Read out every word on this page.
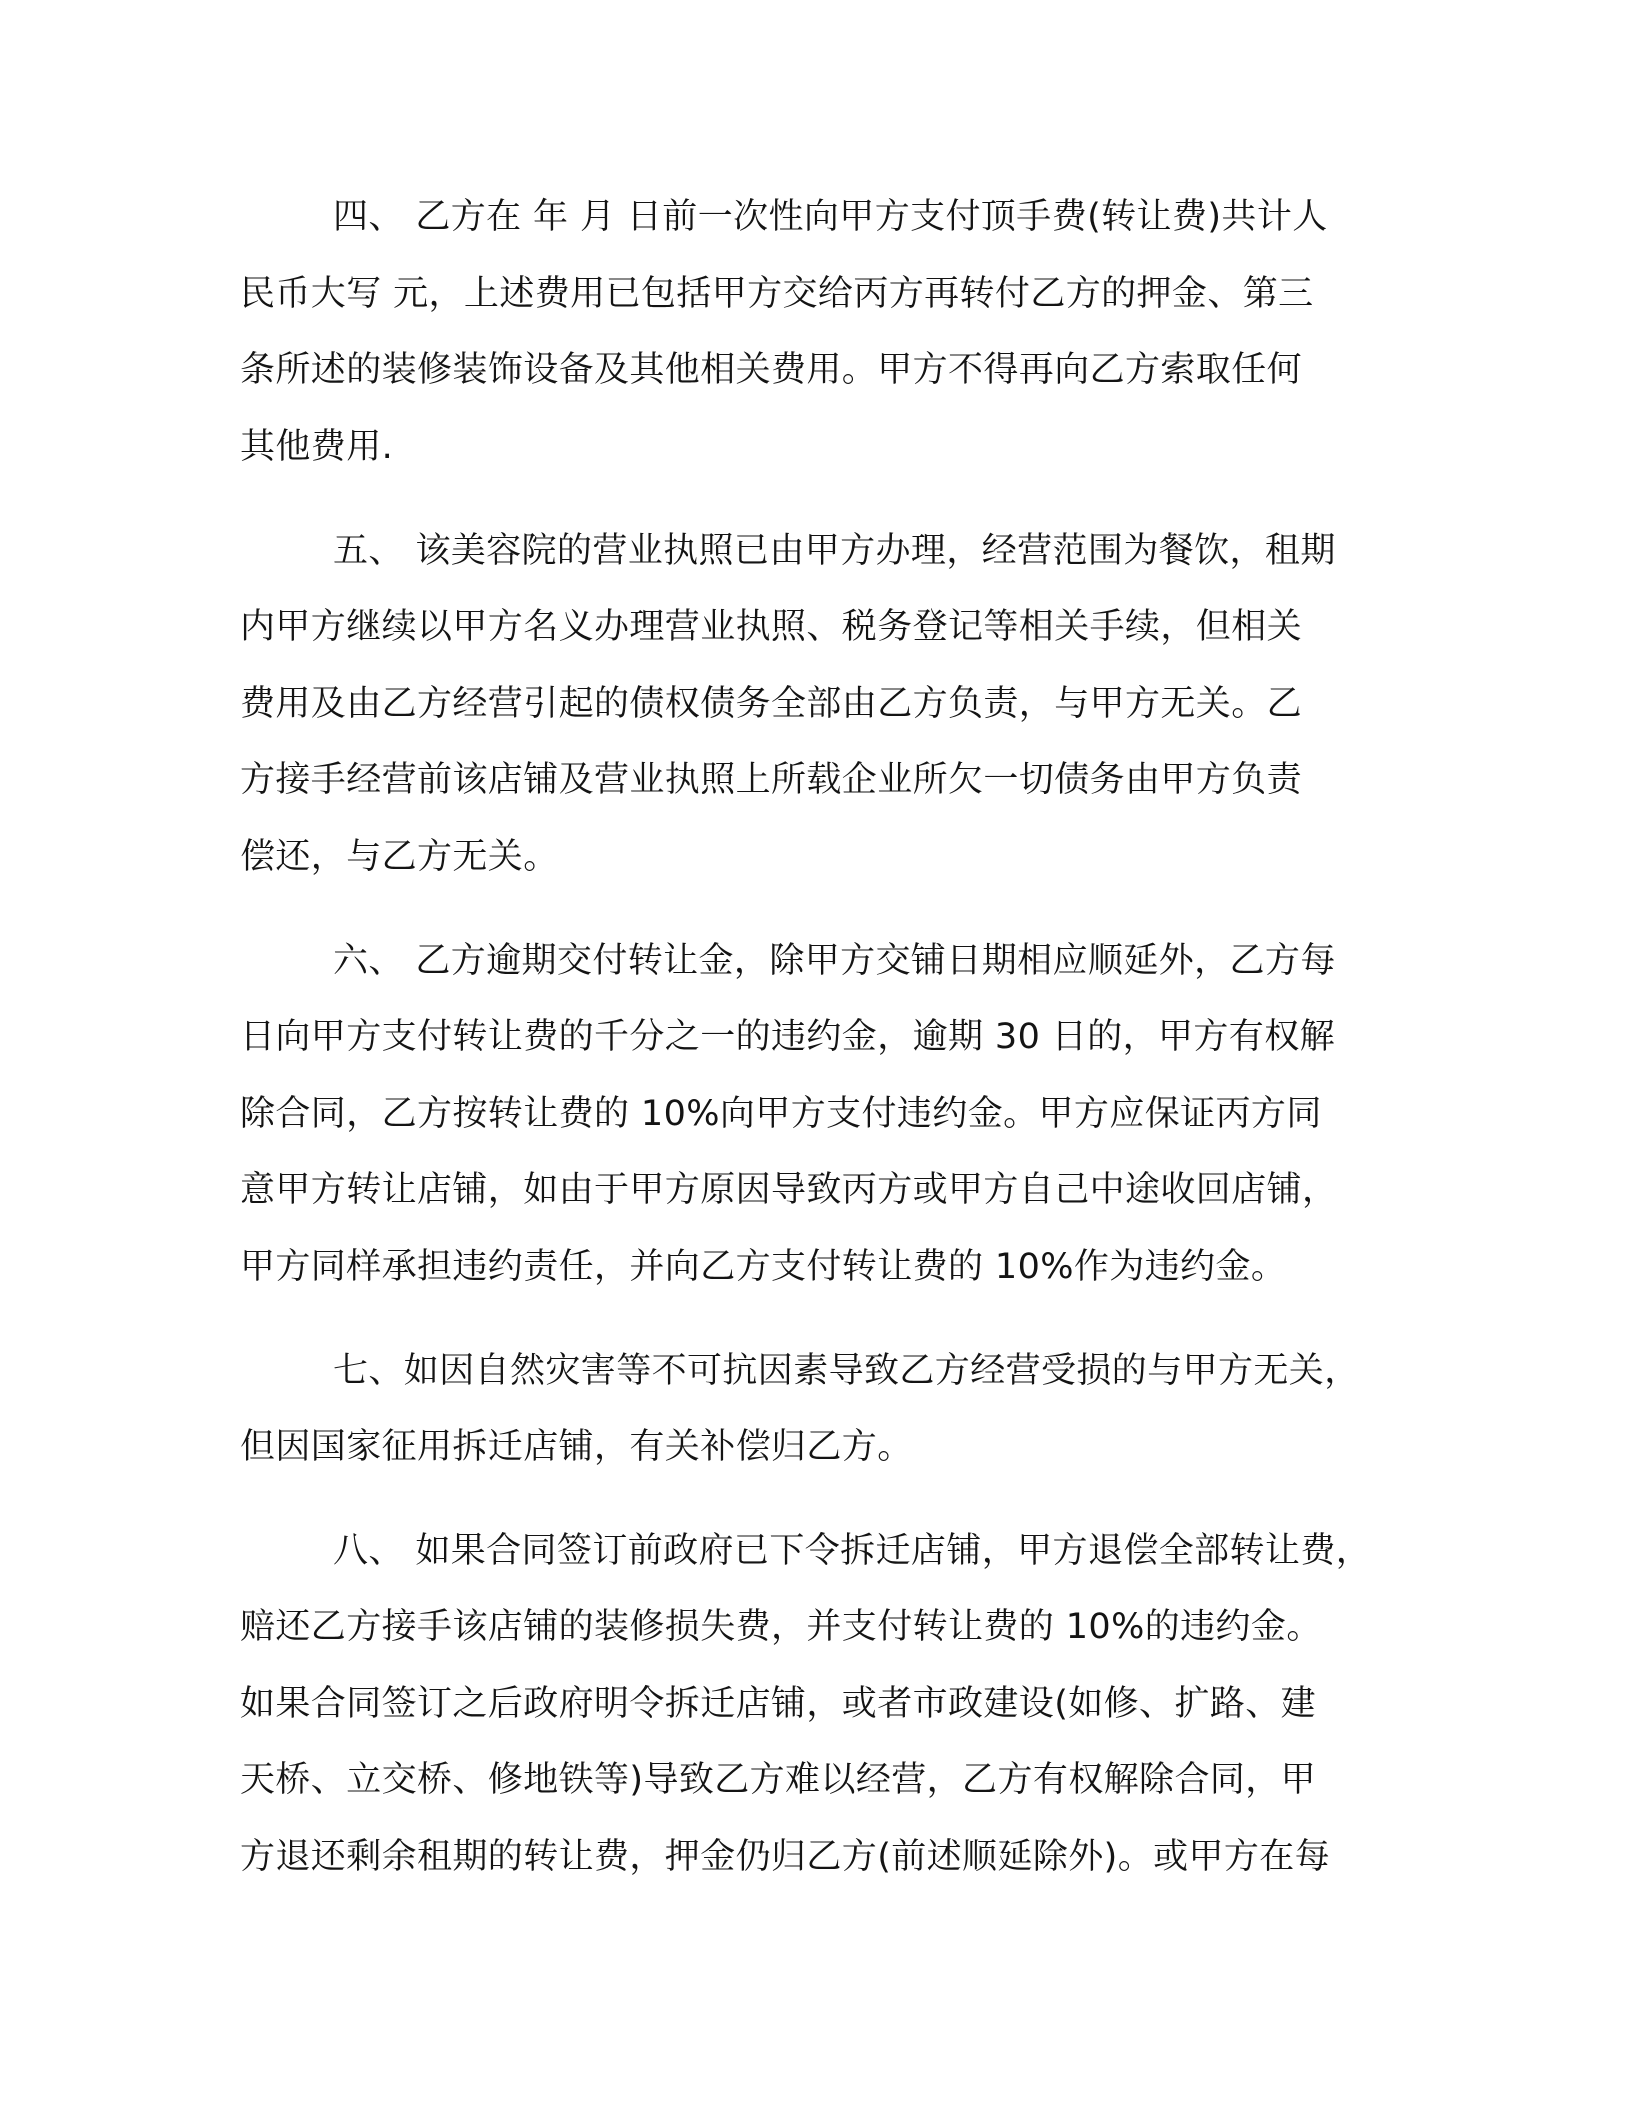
四、 乙方在 年 月 日前一次性向甲方支付顶手费(转让费)共计人
民币大写 元，上述费用已包括甲方交给丙方再转付乙方的押金、第三
条所述的装修装饰设备及其他相关费用。甲方不得再向乙方索取任何
其他费用.
五、 该美容院的营业执照已由甲方办理，经营范围为餐饮，租期
内甲方继续以甲方名义办理营业执照、税务登记等相关手续，但相关
费用及由乙方经营引起的债权债务全部由乙方负责，与甲方无关。乙
方接手经营前该店铺及营业执照上所载企业所欠一切债务由甲方负责
偿还，与乙方无关。
六、 乙方逾期交付转让金，除甲方交铺日期相应顺延外，乙方每
日向甲方支付转让费的千分之一的违约金，逾期 30 日的，甲方有权解
除合同，乙方按转让费的 10%向甲方支付违约金。甲方应保证丙方同
意甲方转让店铺，如由于甲方原因导致丙方或甲方自己中途收回店铺，
甲方同样承担违约责任，并向乙方支付转让费的 10%作为违约金。
七、如因自然灾害等不可抗因素导致乙方经营受损的与甲方无关，
但因国家征用拆迁店铺，有关补偿归乙方。
八、 如果合同签订前政府已下令拆迁店铺，甲方退偿全部转让费，
赔还乙方接手该店铺的装修损失费，并支付转让费的 10%的违约金。
如果合同签订之后政府明令拆迁店铺，或者市政建设(如修、扩路、建
天桥、立交桥、修地铁等)导致乙方难以经营，乙方有权解除合同，甲
方退还剩余租期的转让费，押金仍归乙方(前述顺延除外)。或甲方在每
